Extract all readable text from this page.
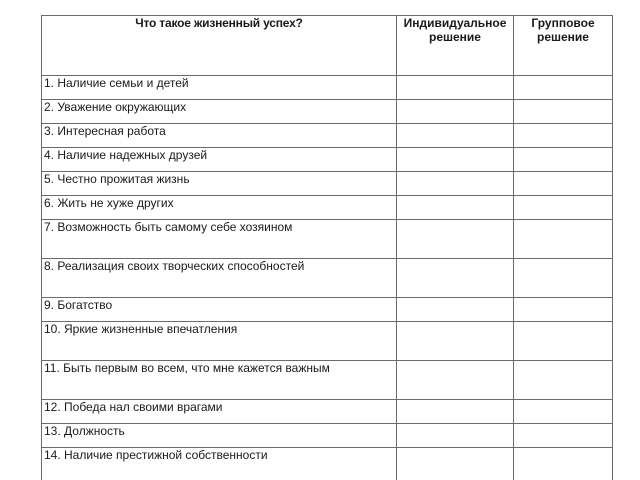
Что такое жизненный успех?	Индивидуальное решение	Групповое решение
1. Наличие семьи и детей		
2. Уважение окружающих		
3. Интересная работа		
4. Наличие надежных друзей		
5. Честно прожитая жизнь		
6. Жить не хуже других		
7. Возможность быть самому себе хозяином		
8. Реализация своих творческих способностей		
9. Богатство		
10. Яркие жизненные впечатления		
11. Быть первым во всем, что мне кажется важным		
12. Победа нал своими врагами		
13. Должность		
14. Наличие престижной собственности		
